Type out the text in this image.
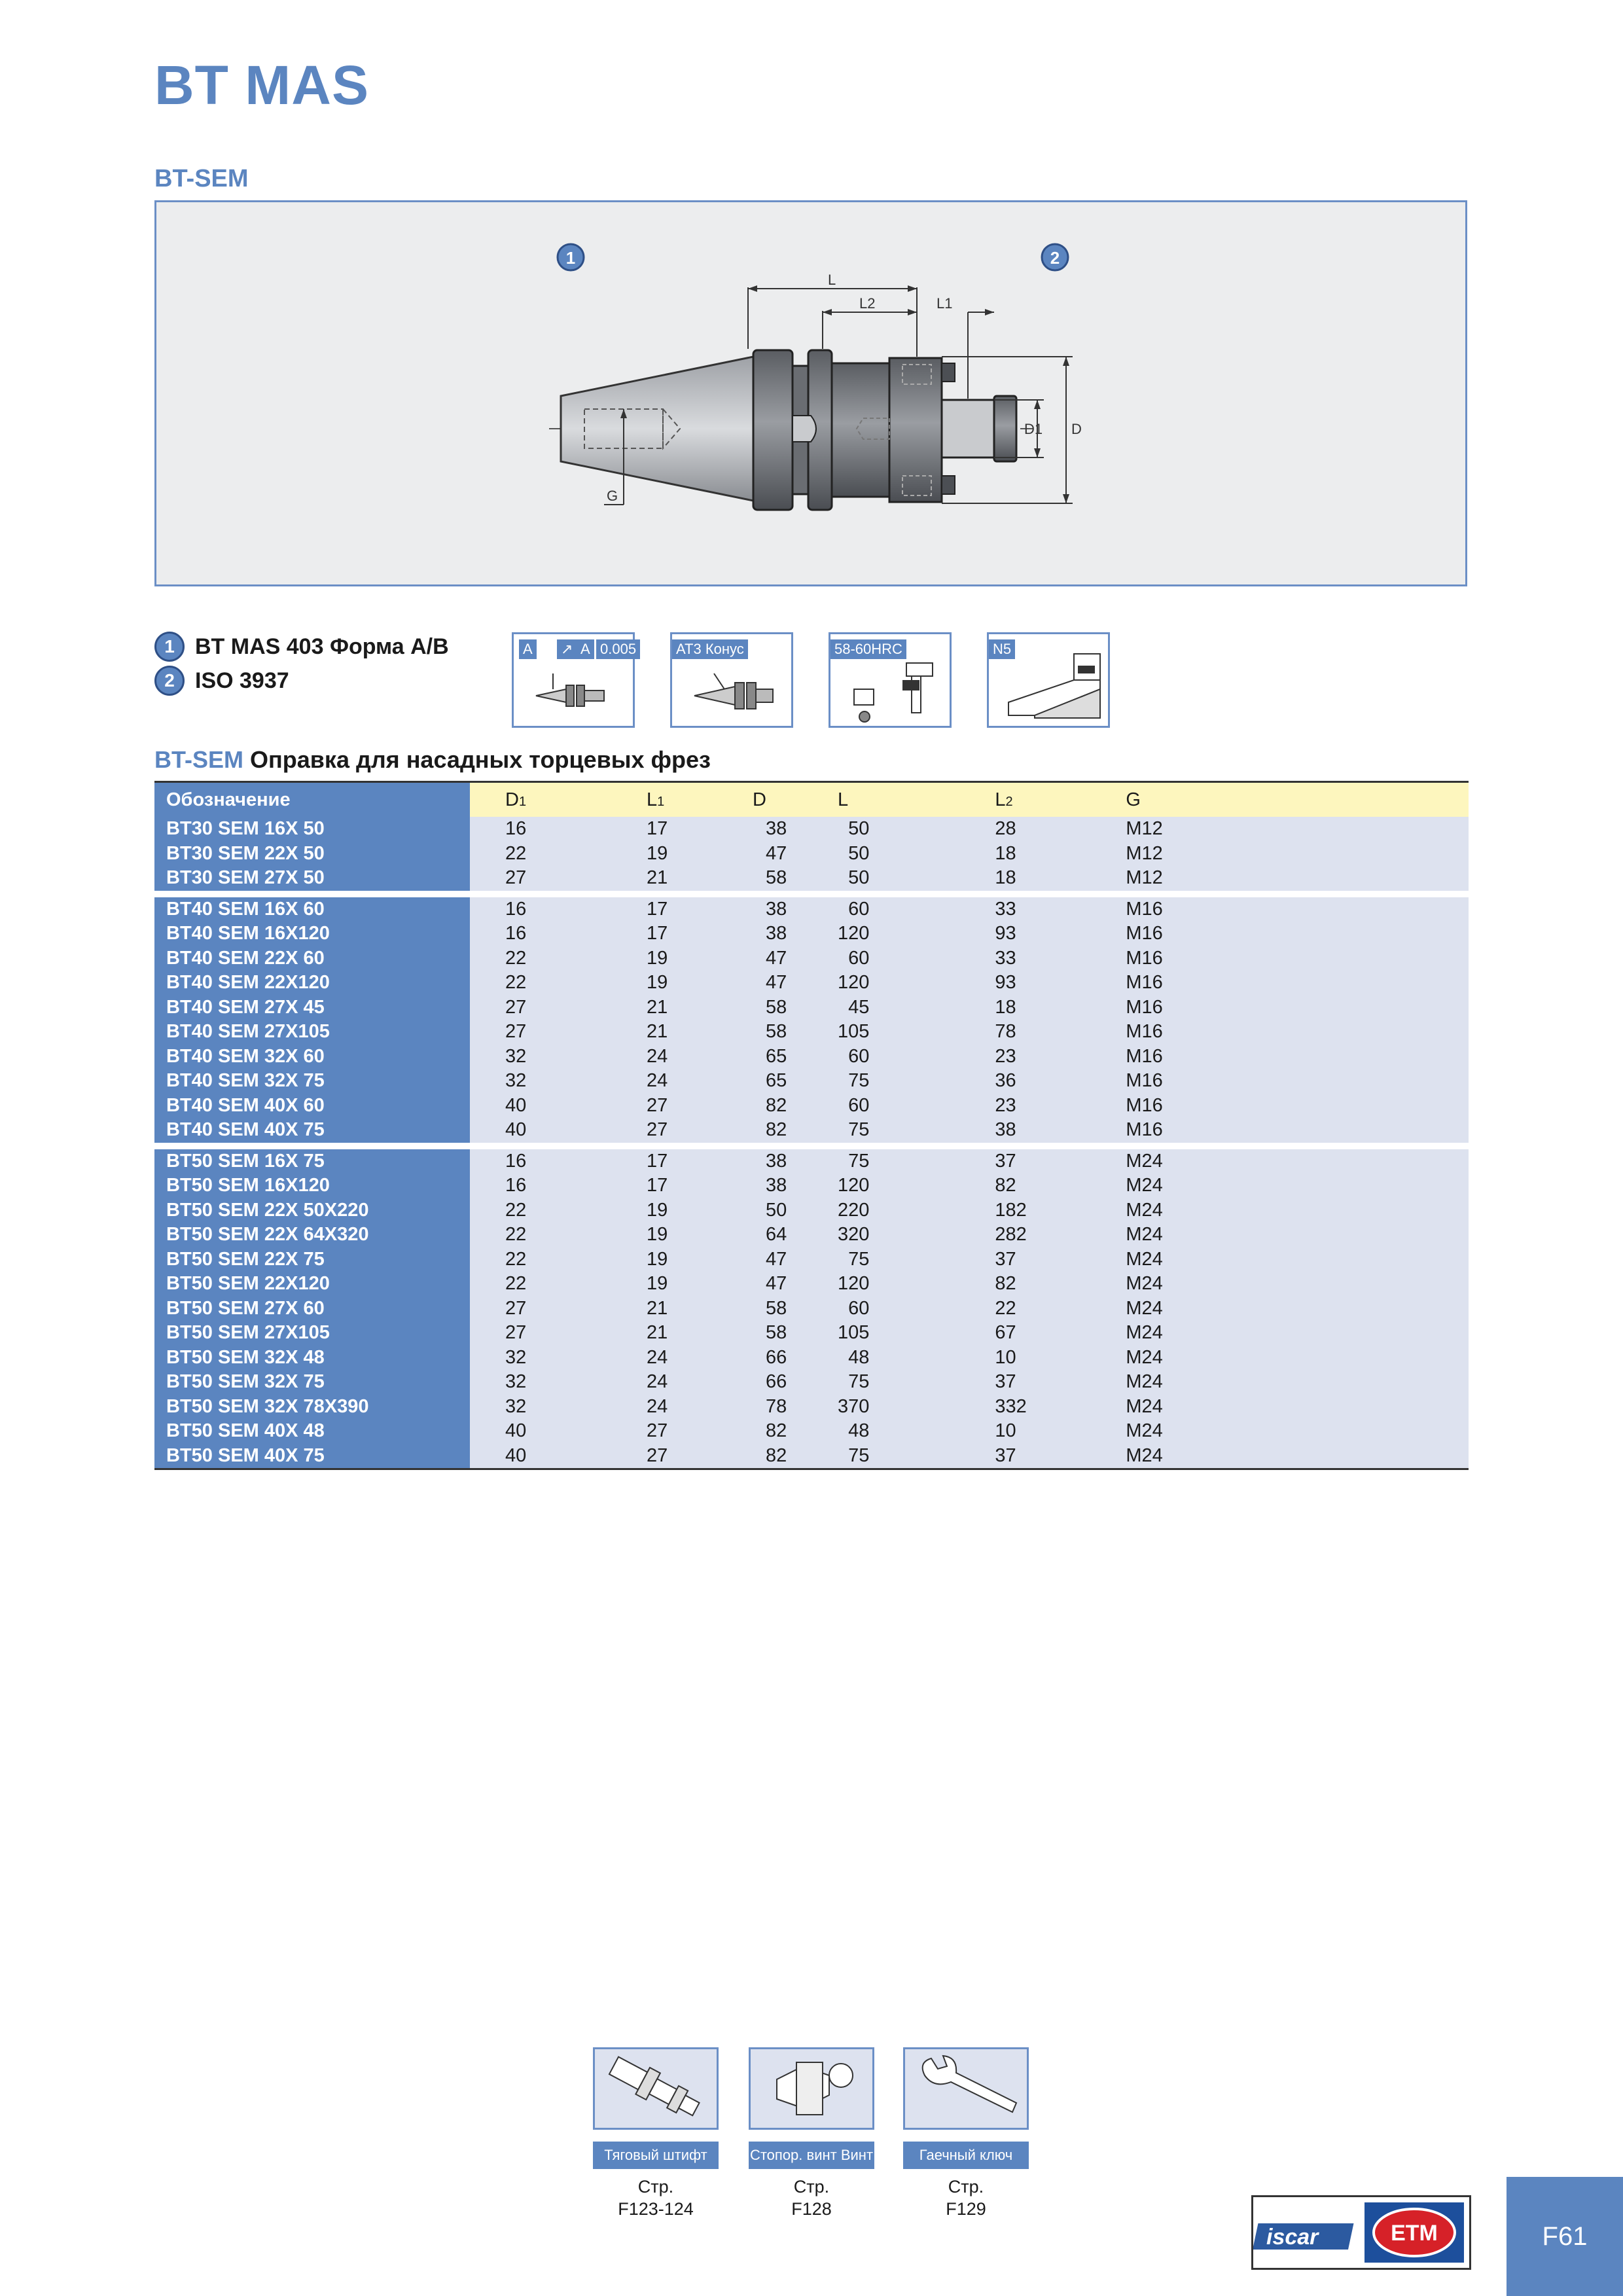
BT MAS
BT-SEM
L
L2	L1
D1 D
G
1	2
1 BT MAS 403 Форма А/В
2 ISO 3937
A ↗ A 0.005	AT3 Конус	58-60HRC	N5
BT-SEM Оправка для насадных торцевых фрез
Обозначение	D1	L1	D	L	L2	G
BT30 SEM 16X 50	16	17	38	50	28	M12
BT30 SEM 22X 50	22	19	47	50	18	M12
BT30 SEM 27X 50	27	21	58	50	18	M12

BT40 SEM 16X 60	16	17	38	60	33	M16
BT40 SEM 16X120	16	17	38	120	93	M16
BT40 SEM 22X 60	22	19	47	60	33	M16
BT40 SEM 22X120	22	19	47	120	93	M16
BT40 SEM 27X 45	27	21	58	45	18	M16
BT40 SEM 27X105	27	21	58	105	78	M16
BT40 SEM 32X 60	32	24	65	60	23	M16
BT40 SEM 32X 75	32	24	65	75	36	M16
BT40 SEM 40X 60	40	27	82	60	23	M16
BT40 SEM 40X 75	40	27	82	75	38	M16

BT50 SEM 16X 75	16	17	38	75	37	M24
BT50 SEM 16X120	16	17	38	120	82	M24
BT50 SEM 22X 50X220	22	19	50	220	182	M24
BT50 SEM 22X 64X320	22	19	64	320	282	M24
BT50 SEM 22X 75	22	19	47	75	37	M24
BT50 SEM 22X120	22	19	47	120	82	M24
BT50 SEM 27X 60	27	21	58	60	22	M24
BT50 SEM 27X105	27	21	58	105	67	M24
BT50 SEM 32X 48	32	24	66	48	10	M24
BT50 SEM 32X 75	32	24	66	75	37	M24
BT50 SEM 32X 78X390	32	24	78	370	332	M24
BT50 SEM 40X 48	40	27	82	48	10	M24
BT50 SEM 40X 75	40	27	82	75	37	M24
Тяговый штифт
Стр.
F123-124
Стопор. винт Винт
Стр.
F128
Гаечный ключ
Стр.
F129
iscar	ETM	F61
